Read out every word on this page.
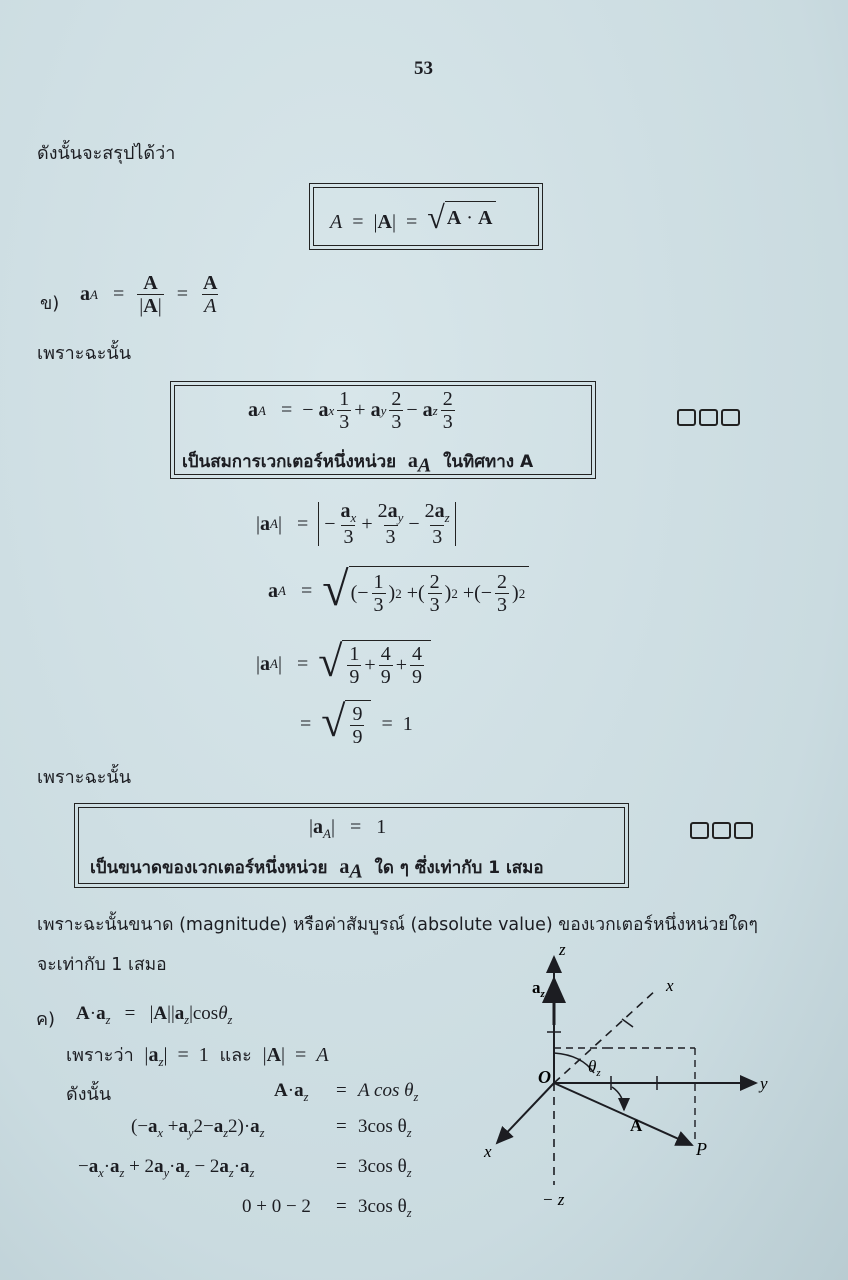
53
ดังนั้นจะสรุปได้ว่า
A  =  |A|  = √ A · A
ข) a $A = \frac{A}{|A|} = \frac{A}{A}$
เพราะฉะนั้น
a A =  − a x $\frac{1}{3} + a$ y $\frac{2}{3} - a$ z $\frac{2}{3}$
เป็นสมการเวกเตอร์หนึ่งหน่วย $a_A$ ในทิศทาง A
| a A |   =
− $\frac{a_x}{3} + \frac{2a_y}{3} - \frac{2a_z}{3}$
a A = √ (− $\frac{1}{3}$ ) 2 +( $\frac{2}{3}$ ) 2 +(− $\frac{2}{3}$ ) 2
| a A |   = √ $\frac{1}{9} + \frac{4}{9} + \frac{4}{9}$
= √ $\frac{9}{9} = 1$
เพราะฉะนั้น
$|a_A| = 1$
เป็นขนาดของเวกเตอร์หนึ่งหน่วย $a_A$ ใด ๆ ซึ่งเท่ากับ 1 เสมอ
เพราะฉะนั้นขนาด (magnitude) หรือค่าสัมบูรณ์ (absolute value) ของเวกเตอร์หนึ่งหน่วยใดๆ
จะเท่ากับ 1 เสมอ
ค) $A\cdot a_z = |A||a_z|\cos\theta_z$
เพราะว่า  $|a_z| = 1$  และ  |A|  =  A
ดังนั้น	$A\cdot a_z = A$ $\cos \theta_z$
$(-a_x +a_y2-a_z2)\cdot a_z$	= 3cos $\theta_z$
$-a_x\cdot a_z + 2a_y\cdot a_z - 2a_z\cdot a_z$	= 3cos $\theta_z$
0 + 0 − 2 = 3cos $\theta_z$
z
− z
x
x
y
O
P
A
$a_z$
$\theta_z$
